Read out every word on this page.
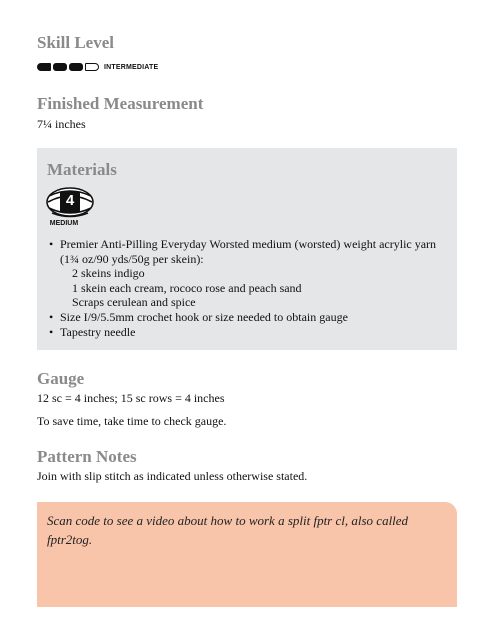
Skill Level
INTERMEDIATE
Finished Measurement

7¼ inches

Materials
4
MEDIUM
• Premier Anti-Pilling Everyday Worsted medium (worsted) weight acrylic yarn (1¾ oz/90 yds/50g per skein):
2 skeins indigo
1 skein each cream, rococo rose and peach sand
Scraps cerulean and spice
• Size I/9/5.5mm crochet hook or size needed to obtain gauge
• Tapestry needle
Gauge

12 sc = 4 inches; 15 sc rows = 4 inches

To save time, take time to check gauge.

Pattern Notes

Join with slip stitch as indicated unless otherwise stated.

Scan code to see a video about how to work a split fptr cl, also called fptr2tog.
